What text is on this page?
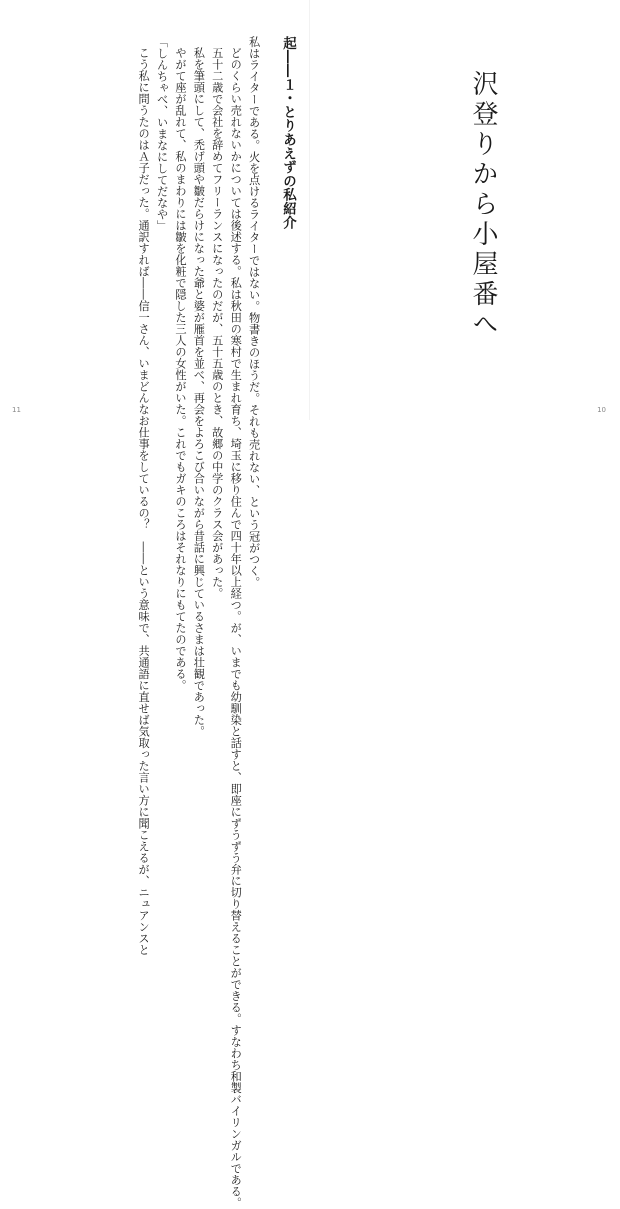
起――１・とりあえずの私紹介
私はライターである。火を点けるライターではない。物書きのほうだ。それも売れない、という冠がつく。
どのくらい売れないかについては後述する。私は秋田の寒村で生まれ育ち、埼玉に移り住んで四十年以上経つ。が、いまでも幼馴染と話すと、即座にずうずう弁に切り替えることができる。すなわち和製バイリンガルである。
五十二歳で会社を辞めてフリーランスになったのだが、五十五歳のとき、故郷の中学のクラス会があった。
私を筆頭にして、禿げ頭や皺だらけになった爺と婆が雁首を並べ、再会をよろこび合いながら昔話に興じているさまは壮観であった。
やがて座が乱れて、私のまわりには皺を化粧で隠した三人の女性がいた。これでもガキのころはそれなりにもてたのである。
「しんちゃべ、いまなにしてだなや」
こう私に問うたのはＡ子だった。通訳すれば――信一さん、いまどんなお仕事をしているの？　――という意味で、共通語に直せば気取った言い方に聞こえるが、ニュアンスと
11
沢登りから小屋番へ
10
